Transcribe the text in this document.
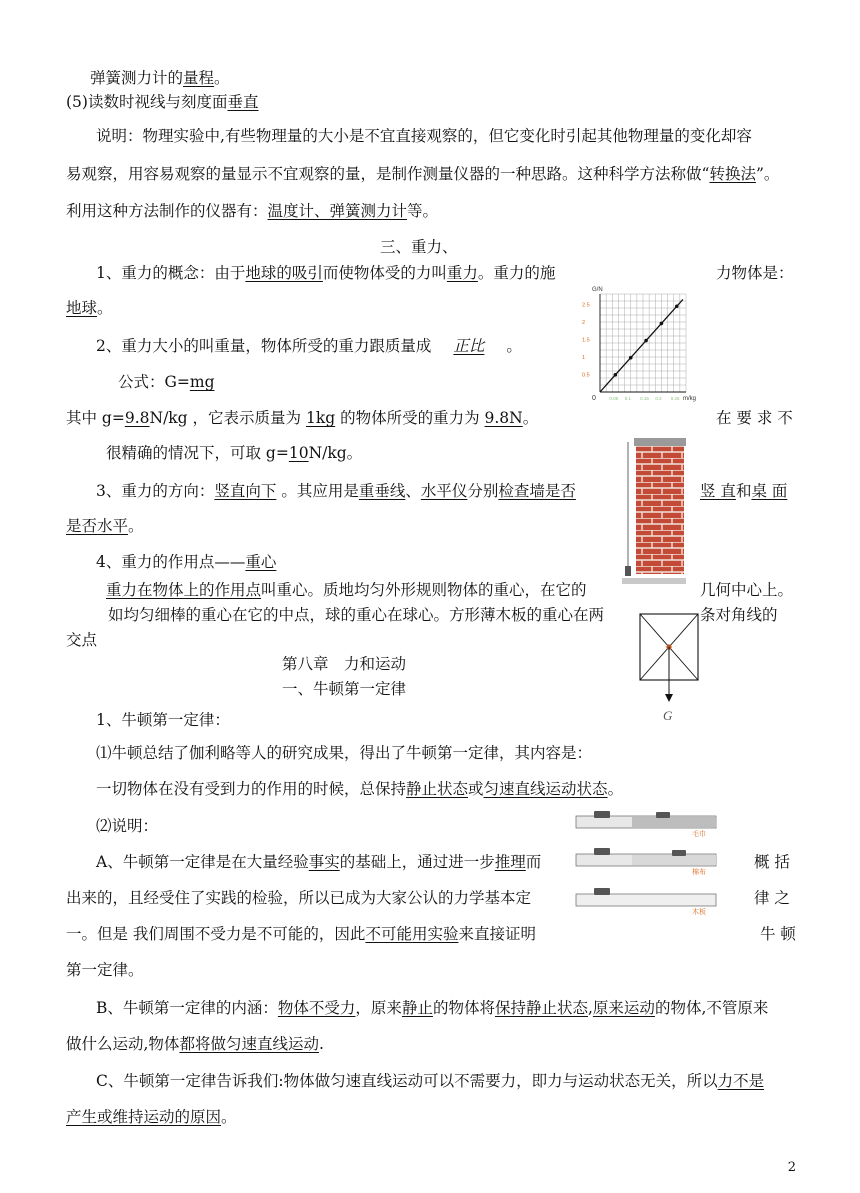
弹簧测力计的量程。
(5)读数时视线与刻度面垂直
说明：物理实验中,有些物理量的大小是不宜直接观察的，但它变化时引起其他物理量的变化却容
易观察，用容易观察的量显示不宜观察的量，是制作测量仪器的一种思路。这种科学方法称做“转换法”。
利用这种方法制作的仪器有：温度计、弹簧测力计等。
三、重力、
1、重力的概念：由于地球的吸引而使物体受的力叫重力。重力的施	力物体是：
地球。
2、重力大小的叫重量，物体所受的重力跟质量成 正比 。
公式：G=mg
其中 g=9.8N/kg ，它表示质量为 1kg 的物体所受的重力为 9.8N。	在 要 求 不
很精确的情况下，可取 g=10N/kg。
3、重力的方向：竖直向下 。其应用是重垂线、水平仪分别检查墙是否	竖 直和桌 面
是否水平。
4、重力的作用点——重心
重力在物体上的作用点叫重心。质地均匀外形规则物体的重心，在它的	几何中心上。
如均匀细棒的重心在它的中点，球的重心在球心。方形薄木板的重心在两	条对角线的
交点
第八章　力和运动
一、牛顿第一定律
1、牛顿第一定律：
⑴牛顿总结了伽利略等人的研究成果，得出了牛顿第一定律，其内容是：
一切物体在没有受到力的作用的时候，总保持静止状态或匀速直线运动状态。
⑵说明：
A、牛顿第一定律是在大量经验事实的基础上，通过进一步推理而	概 括
出来的，且经受住了实践的检验，所以已成为大家公认的力学基本定	律 之
一。但是 我们周围不受力是不可能的，因此不可能用实验来直接证明	牛 顿
第一定律。
B、牛顿第一定律的内涵：物体不受力，原来静止的物体将保持静止状态,原来运动的物体,不管原来
做什么运动,物体都将做匀速直线运动.
C、牛顿第一定律告诉我们:物体做匀速直线运动可以不需要力，即力与运动状态无关，所以力不是
产生或维持运动的原因。
2
G/N
m/kg
0
2.5
2
1.5
1
0.5
0.05 0.1 0.15 0.2 0.25
G
毛巾
棉布
木板
